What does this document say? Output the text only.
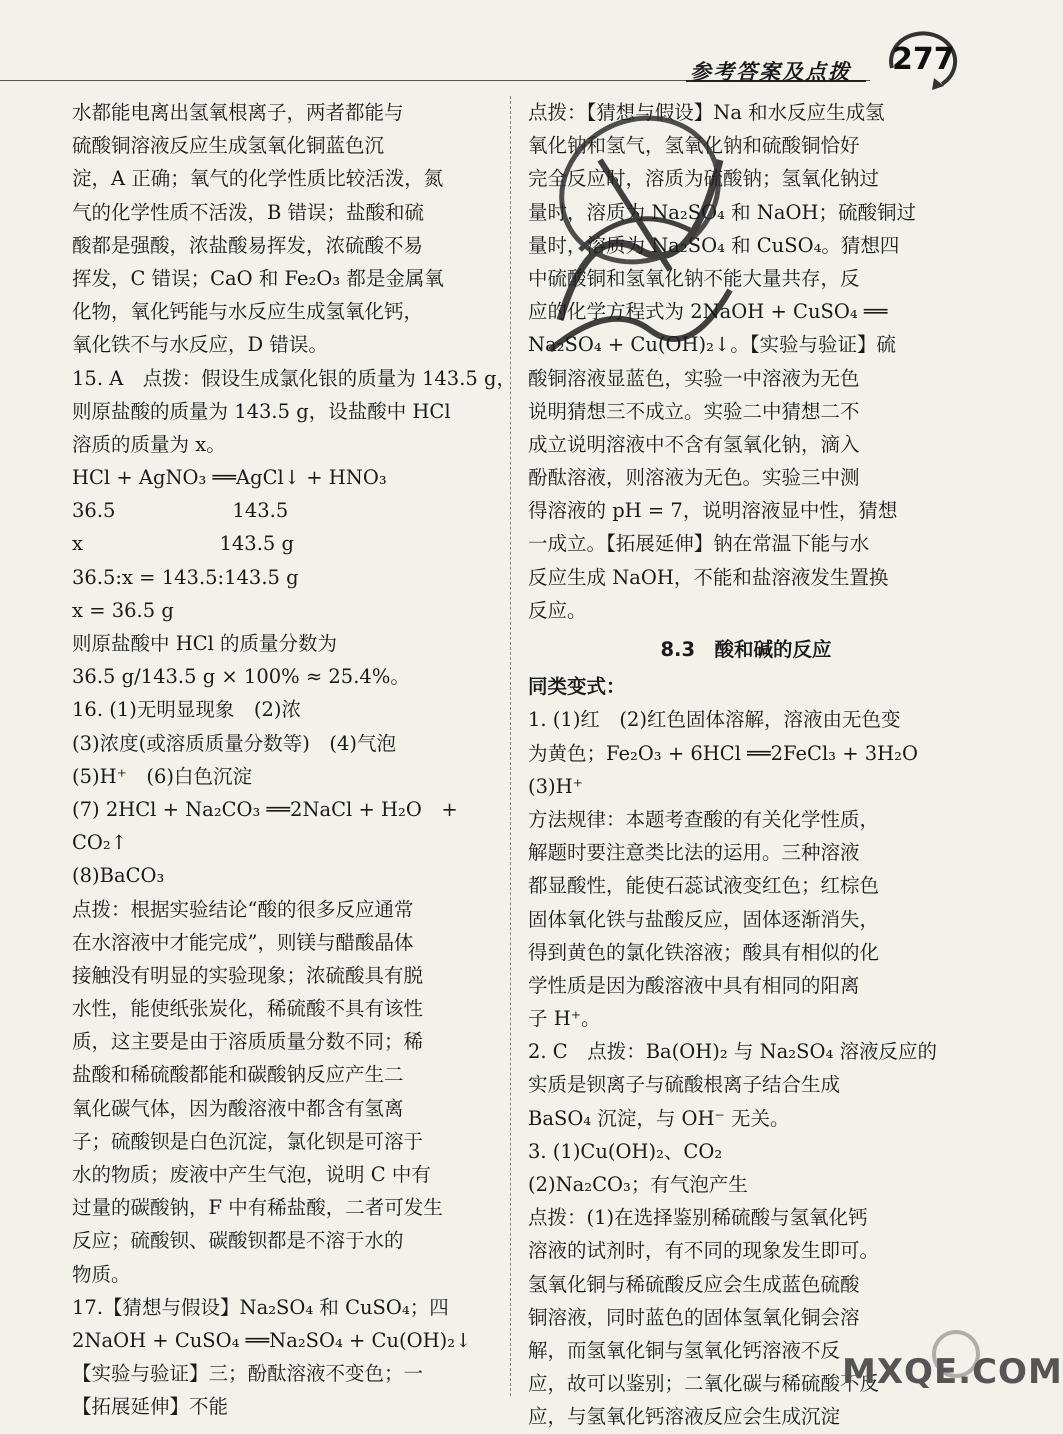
参考答案及点拨 277
水都能电离出氢氧根离子，两者都能与
硫酸铜溶液反应生成氢氧化铜蓝色沉
淀，A 正确；氧气的化学性质比较活泼，氮
气的化学性质不活泼，B 错误；盐酸和硫
酸都是强酸，浓盐酸易挥发，浓硫酸不易
挥发，C 错误；CaO 和 Fe₂O₃ 都是金属氧
化物，氧化钙能与水反应生成氢氧化钙，
氧化铁不与水反应，D 错误。
15. A　点拨：假设生成氯化银的质量为 143.5 g，
则原盐酸的质量为 143.5 g，设盐酸中 HCl
溶质的质量为 x。
HCl + AgNO₃ ══AgCl↓ + HNO₃
36.5　　　　　　143.5
x　　　　　　　143.5 g
36.5:x = 143.5:143.5 g
x = 36.5 g
则原盐酸中 HCl 的质量分数为
36.5 g/143.5 g × 100% ≈ 25.4%。
16. (1)无明显现象　(2)浓
(3)浓度(或溶质质量分数等)　(4)气泡
(5)H⁺　(6)白色沉淀
(7) 2HCl + Na₂CO₃ ══2NaCl + H₂O　+
CO₂↑
(8)BaCO₃
点拨：根据实验结论“酸的很多反应通常
在水溶液中才能完成”，则镁与醋酸晶体
接触没有明显的实验现象；浓硫酸具有脱
水性，能使纸张炭化，稀硫酸不具有该性
质，这主要是由于溶质质量分数不同；稀
盐酸和稀硫酸都能和碳酸钠反应产生二
氧化碳气体，因为酸溶液中都含有氢离
子；硫酸钡是白色沉淀，氯化钡是可溶于
水的物质；废液中产生气泡，说明 C 中有
过量的碳酸钠，F 中有稀盐酸，二者可发生
反应；硫酸钡、碳酸钡都是不溶于水的
物质。
17.【猜想与假设】Na₂SO₄ 和 CuSO₄；四
2NaOH + CuSO₄ ══Na₂SO₄ + Cu(OH)₂↓
【实验与验证】三；酚酞溶液不变色；一
【拓展延伸】不能
点拨：【猜想与假设】Na 和水反应生成氢
氧化钠和氢气，氢氧化钠和硫酸铜恰好
完全反应时，溶质为硫酸钠；氢氧化钠过
量时，溶质为 Na₂SO₄ 和 NaOH；硫酸铜过
量时，溶质为 Na₂SO₄ 和 CuSO₄。猜想四
中硫酸铜和氢氧化钠不能大量共存，反
应的化学方程式为 2NaOH + CuSO₄ ══
Na₂SO₄ + Cu(OH)₂↓。【实验与验证】硫
酸铜溶液显蓝色，实验一中溶液为无色
说明猜想三不成立。实验二中猜想二不
成立说明溶液中不含有氢氧化钠，滴入
酚酞溶液，则溶液为无色。实验三中测
得溶液的 pH = 7，说明溶液显中性，猜想
一成立。【拓展延伸】钠在常温下能与水
反应生成 NaOH，不能和盐溶液发生置换
反应。
8.3　酸和碱的反应
同类变式：
1. (1)红　(2)红色固体溶解，溶液由无色变
为黄色；Fe₂O₃ + 6HCl ══2FeCl₃ + 3H₂O
(3)H⁺
方法规律：本题考查酸的有关化学性质，
解题时要注意类比法的运用。三种溶液
都显酸性，能使石蕊试液变红色；红棕色
固体氧化铁与盐酸反应，固体逐渐消失，
得到黄色的氯化铁溶液；酸具有相似的化
学性质是因为酸溶液中具有相同的阳离
子 H⁺。
2. C　点拨：Ba(OH)₂ 与 Na₂SO₄ 溶液反应的
实质是钡离子与硫酸根离子结合生成
BaSO₄ 沉淀，与 OH⁻ 无关。
3. (1)Cu(OH)₂、CO₂
(2)Na₂CO₃；有气泡产生
点拨：(1)在选择鉴别稀硫酸与氢氧化钙
溶液的试剂时，有不同的现象发生即可。
氢氧化铜与稀硫酸反应会生成蓝色硫酸
铜溶液，同时蓝色的固体氢氧化铜会溶
解，而氢氧化铜与氢氧化钙溶液不反
应，故可以鉴别；二氧化碳与稀硫酸不反
应，与氢氧化钙溶液反应会生成沉淀
MXQE.COM
